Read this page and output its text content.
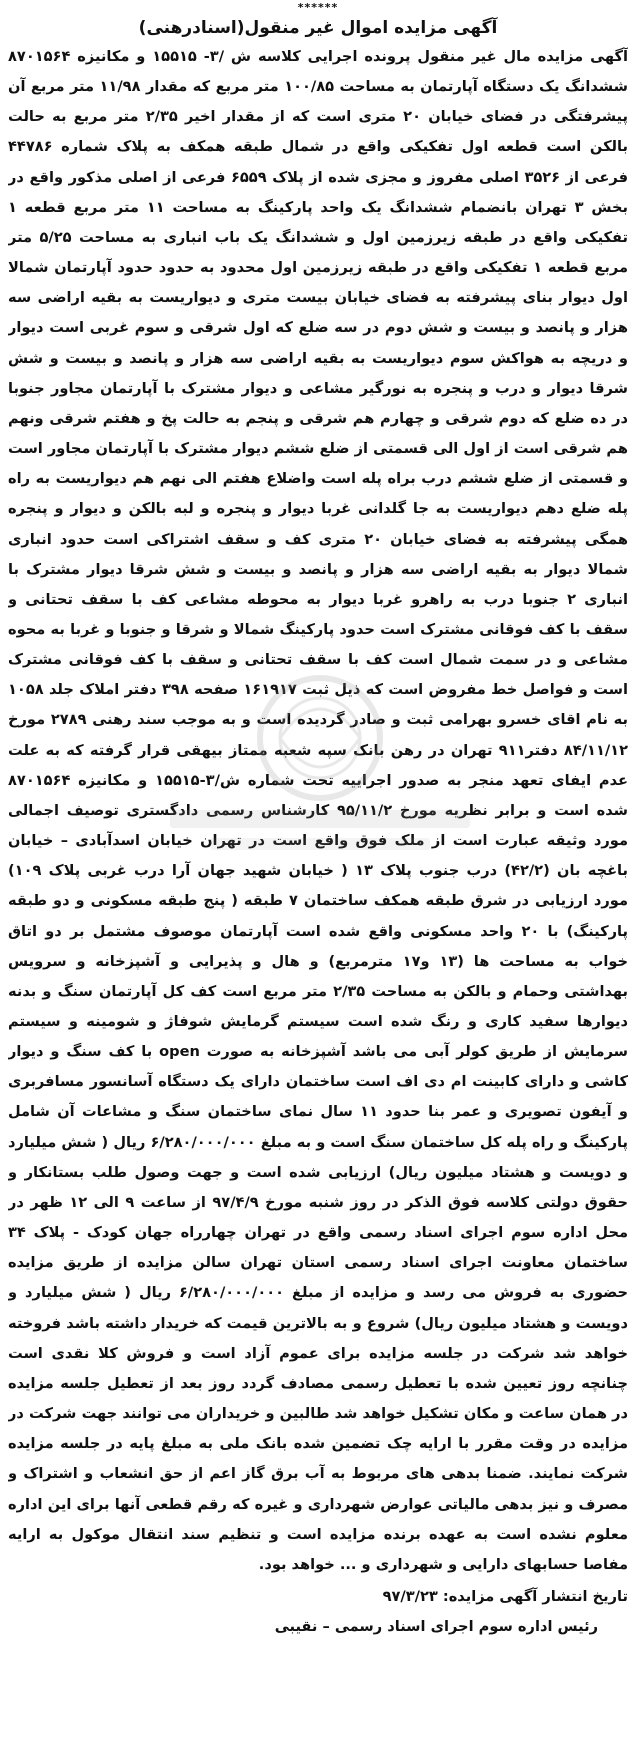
******
آگهی مزایده اموال غیر منقول(اسنادرهنی)
آگهی مزایده مال غیر منقول پرونده اجرایی کلاسه ش /۳- ۱۵۵۱۵ و مکانیزه ۸۷۰۱۵۶۴ ششدانگ یک دستگاه آپارتمان به مساحت ۱۰۰/۸۵ متر مربع که مقدار ۱۱/۹۸ متر مربع آن پیشرفتگی در فضای خیابان ۲۰ متری است که از مقدار اخیر ۲/۳۵ متر مربع به حالت بالکن است قطعه اول تفکیکی واقع در شمال طبقه همکف به پلاک شماره ۴۴۷۸۶ فرعی از ۳۵۲۶ اصلی مفروز و مجزی شده از پلاک ۶۵۵۹ فرعی از اصلی مذکور واقع در بخش ۳ تهران بانضمام ششدانگ یک واحد پارکینگ به مساحت ۱۱ متر مربع قطعه ۱ تفکیکی واقع در طبقه زیرزمین اول و ششدانگ یک باب انباری به مساحت ۵/۲۵ متر مربع قطعه ۱ تفکیکی واقع در طبقه زیرزمین اول محدود به حدود حدود آپارتمان شمالا اول دیوار بنای پیشرفته به فضای خیابان بیست متری و دیواریست به بقیه اراضی سه هزار و پانصد و بیست و شش دوم در سه ضلع که اول شرقی و سوم غربی است دیوار و دریچه به هواکش سوم دیواریست به بقیه اراضی سه هزار و پانصد و بیست و شش شرقا دیوار و درب و پنجره به نورگیر مشاعی و دیوار مشترک با آپارتمان مجاور جنوبا در ده ضلع که دوم شرقی و چهارم هم شرقی و پنجم به حالت پخ و هفتم شرقی ونهم هم شرقی است از اول الی قسمتی از ضلع ششم دیوار مشترک با آپارتمان مجاور است و قسمتی از ضلع ششم درب براه پله است واضلاع هفتم الی نهم هم دیواریست به راه پله ضلع دهم دیواریست به جا گلدانی غربا دیوار و پنجره و لبه بالکن و دیوار و پنجره همگی پیشرفته به فضای خیابان ۲۰ متری کف و سقف اشتراکی است حدود انباری شمالا دیوار به بقیه اراضی سه هزار و پانصد و بیست و شش شرقا دیوار مشترک با انباری ۲ جنوبا درب به راهرو غربا دیوار به محوطه مشاعی کف با سقف تحتانی و سقف با کف فوقانی مشترک است حدود پارکینگ شمالا و شرقا و جنوبا و غربا به محوه مشاعی و در سمت شمال است کف با سقف تحتانی و سقف با کف فوقانی مشترک است و فواصل خط مفروض است که ذیل ثبت ۱۶۱۹۱۷ صفحه ۳۹۸ دفتر املاک جلد ۱۰۵۸ به نام اقای خسرو بهرامی ثبت و صادر گردیده است و به موجب سند رهنی ۲۷۸۹ مورخ ۸۴/۱۱/۱۲ دفتر۹۱۱ تهران در رهن بانک سپه شعبه ممتاز بیهقی قرار گرفته که به علت عدم ایفای تعهد منجر به صدور اجراییه تحت شماره ش/۳-۱۵۵۱۵ و مکانیزه ۸۷۰۱۵۶۴ شده است و برابر نظریه مورخ ۹۵/۱۱/۲ کارشناس رسمی دادگستری توصیف اجمالی مورد وثیقه عبارت است از ملک فوق واقع است در تهران خیابان اسدآبادی – خیابان باغچه بان (۴۲/۲) درب جنوب پلاک ۱۳ ( خیابان شهید جهان آرا درب غربی پلاک ۱۰۹) مورد ارزیابی در شرق طبقه همکف ساختمان ۷ طبقه ( پنج طبقه مسکونی و دو طبقه پارکینگ) با ۲۰ واحد مسکونی واقع شده است آپارتمان موصوف مشتمل بر دو اتاق خواب به مساحت ها (۱۳ و۱۷ مترمربع) و هال و پذیرایی و آشپزخانه و سرویس بهداشتی وحمام و بالکن به مساحت ۲/۳۵ متر مربع است کف کل آپارتمان سنگ و بدنه دیوارها سفید کاری و رنگ شده است سیستم گرمایش شوفاژ و شومینه و سیستم سرمایش از طریق کولر آبی می باشد آشپزخانه به صورت open با کف سنگ و دیوار کاشی و دارای کابینت ام دی اف است ساختمان دارای یک دستگاه آسانسور مسافربری و آیفون تصویری و عمر بنا حدود ۱۱ سال نمای ساختمان سنگ و مشاعات آن شامل پارکینگ و راه پله کل ساختمان سنگ است و به مبلغ ۶/۲۸۰/۰۰۰/۰۰۰ ریال ( شش میلیارد و دویست و هشتاد میلیون ریال) ارزیابی شده است و جهت وصول طلب بستانکار و حقوق دولتی کلاسه فوق الذکر در روز شنبه مورخ ۹۷/۴/۹ از ساعت ۹ الی ۱۲ ظهر در محل اداره سوم اجرای اسناد رسمی واقع در تهران چهارراه جهان کودک - پلاک ۳۴ ساختمان معاونت اجرای اسناد رسمی استان تهران سالن مزایده از طریق مزایده حضوری به فروش می رسد و مزایده از مبلغ ۶/۲۸۰/۰۰۰/۰۰۰ ریال ( شش میلیارد و دویست و هشتاد میلیون ریال) شروع و به بالاترین قیمت که خریدار داشته باشد فروخته خواهد شد شرکت در جلسه مزایده برای عموم آزاد است و فروش کلا نقدی است چنانچه روز تعیین شده با تعطیل رسمی مصادف گردد روز بعد از تعطیل جلسه مزایده در همان ساعت و مکان تشکیل خواهد شد طالبین و خریداران می توانند جهت شرکت در مزایده در وقت مقرر با ارایه چک تضمین شده بانک ملی به مبلغ پایه در جلسه مزایده شرکت نمایند. ضمنا بدهی های مربوط به آب برق گاز اعم از حق انشعاب و اشتراک و مصرف و نیز بدهی مالیاتی عوارض شهرداری و غیره که رقم قطعی آنها برای این اداره معلوم نشده است به عهده برنده مزایده است و تنظیم سند انتقال موکول به ارایه مفاصا حسابهای دارایی و شهرداری و ... خواهد بود.
تاریخ انتشار آگهی مزایده: ۹۷/۳/۲۳
رئیس اداره سوم اجرای اسناد رسمی – نقیبی
